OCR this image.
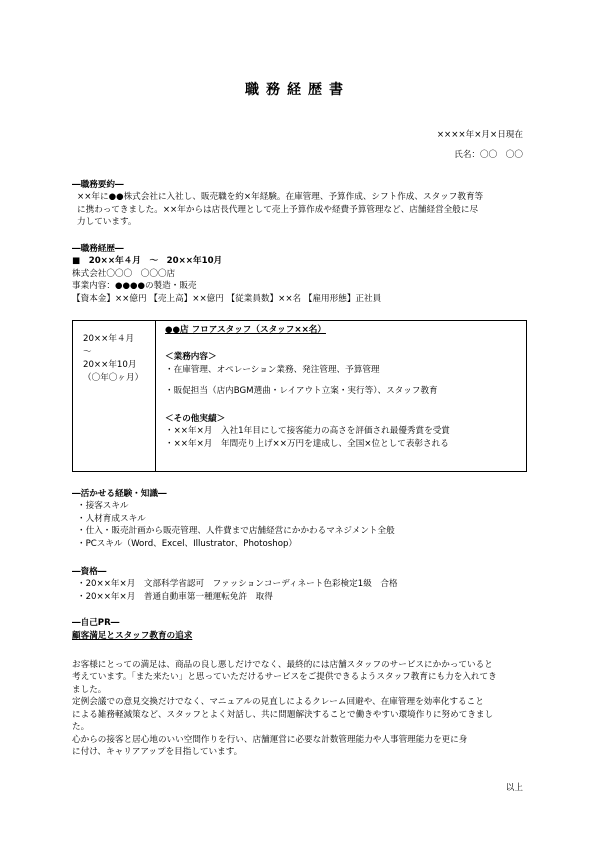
職務経歴書
××××年×月×日現在
氏名：〇〇　〇〇
―職務要約―
××年に●●株式会社に入社し、販売職を約×年経験。在庫管理、予算作成、シフト作成、スタッフ教育等
に携わってきました。××年からは店長代理として売上予算作成や経費予算管理など、店舗経営全般に尽
力しています。
―職務経歴―
■　20××年４月　～　20××年10月
株式会社〇〇〇　〇〇〇店
事業内容：●●●●の製造・販売
【資本金】××億円 【売上高】××億円 【従業員数】××名 【雇用形態】正社員
20××年４月
～
20××年10月
（〇年〇ヶ月）
●●店 フロアスタッフ（スタッフ××名）
＜業務内容＞
・在庫管理、オペレーション業務、発注管理、予算管理
・販促担当（店内BGM選曲・レイアウト立案・実行等）、スタッフ教育
＜その他実績＞
・××年×月　入社1年目にして接客能力の高さを評価され最優秀賞を受賞
・××年×月　年間売り上げ××万円を達成し、全国×位として表彰される
―活かせる経験・知識―
・接客スキル
・人材育成スキル
・仕入・販売計画から販売管理、人件費まで店舗経営にかかわるマネジメント全般
・PCスキル（Word、Excel、Illustrator、Photoshop）
―資格―
・20××年×月　文部科学省認可　ファッションコーディネート色彩検定1級　合格
・20××年×月　普通自動車第一種運転免許　取得
―自己PR―
顧客満足とスタッフ教育の追求
お客様にとっての満足は、商品の良し悪しだけでなく、最終的には店舗スタッフのサービスにかかっていると
考えています。「また来たい」と思っていただけるサービスをご提供できるようスタッフ教育にも力を入れてき
ました。
定例会議での意見交換だけでなく、マニュアルの見直しによるクレーム回避や、在庫管理を効率化すること
による雑務軽減策など、スタッフとよく対話し、共に問題解決することで働きやすい環境作りに努めてきまし
た。
心からの接客と居心地のいい空間作りを行い、店舗運営に必要な計数管理能力や人事管理能力を更に身
に付け、キャリアアップを目指しています。
以上
